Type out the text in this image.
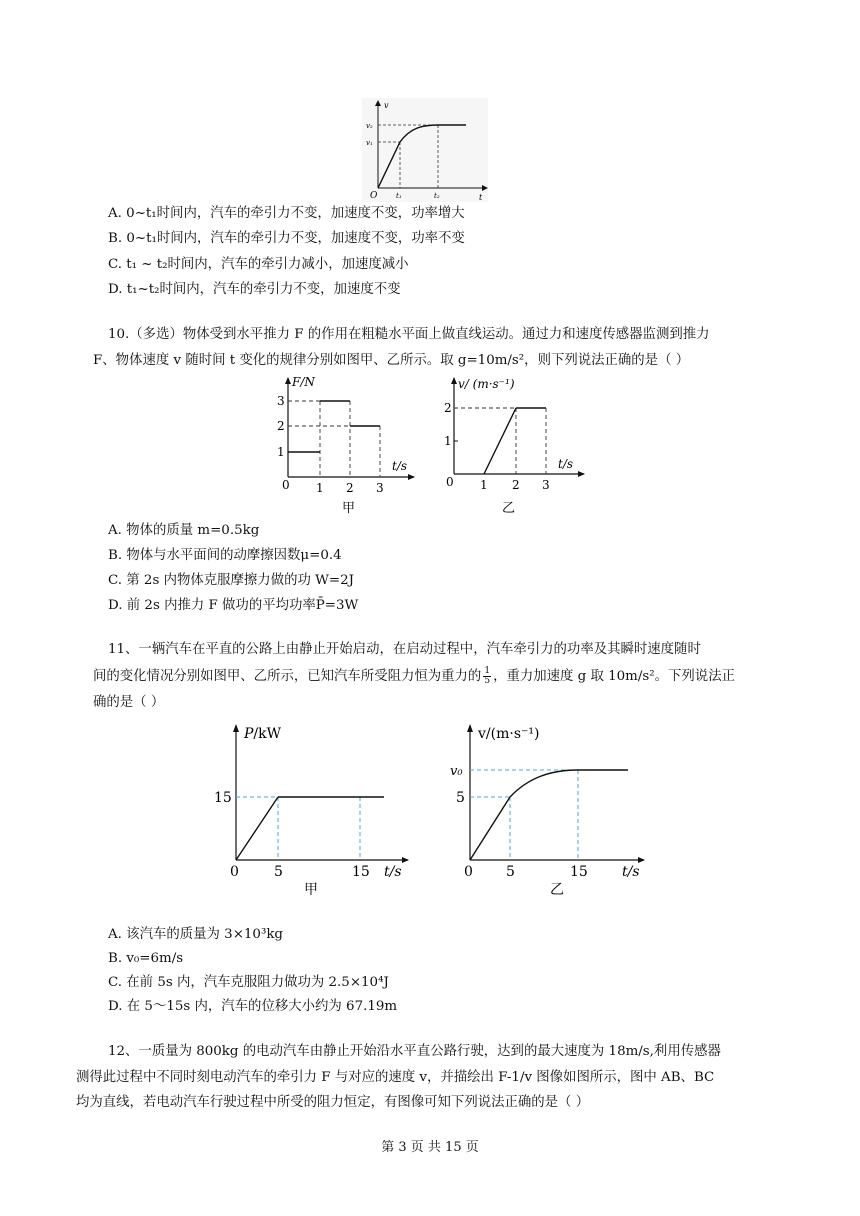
v
t
O
v₂
v₁
t₁	t₂
A. 0~t₁时间内，汽车的牵引力不变，加速度不变，功率增大
B. 0~t₁时间内，汽车的牵引力不变，加速度不变，功率不变
C. t₁ ~ t₂时间内，汽车的牵引力减小，加速度减小
D. t₁~t₂时间内，汽车的牵引力不变，加速度不变
10.（多选）物体受到水平推力 F 的作用在粗糙水平面上做直线运动。通过力和速度传感器监测到推力
F、物体速度 v 随时间 t 变化的规律分别如图甲、乙所示。取 g=10m/s²，则下列说法正确的是（ ）
F/N
t/s
1
2
3
0 1 2 3
甲
v/ (m·s⁻¹)
t/s
1
2
0 1 2 3
乙
A. 物体的质量 m=0.5kg
B. 物体与水平面间的动摩擦因数μ=0.4
C. 第 2s 内物体克服摩擦力做的功 W=2J
D. 前 2s 内推力 F 做功的平均功率P̄=3W
11、一辆汽车在平直的公路上由静止开始启动，在启动过程中，汽车牵引力的功率及其瞬时速度随时
间的变化情况分别如图甲、乙所示，已知汽车所受阻力恒为重力的 $\frac{1}{5}$ ，重力加速度 g 取 10m/s²。下列说法正
确的是（ ）
P/kW
15
0	5	15 t/s
甲
v/(m·s⁻¹)
v₀
5
0 5	15 t/s
乙
A. 该汽车的质量为 3×10³kg
B. v₀=6m/s
C. 在前 5s 内，汽车克服阻力做功为 2.5×10⁴J
D. 在 5～15s 内，汽车的位移大小约为 67.19m
12、一质量为 800kg 的电动汽车由静止开始沿水平直公路行驶，达到的最大速度为 18m/s,利用传感器
测得此过程中不同时刻电动汽车的牵引力 F 与对应的速度 v，并描绘出 F-1/v 图像如图所示，图中 AB、BC
均为直线，若电动汽车行驶过程中所受的阻力恒定，有图像可知下列说法正确的是（ ）
第 3 页 共 15 页
